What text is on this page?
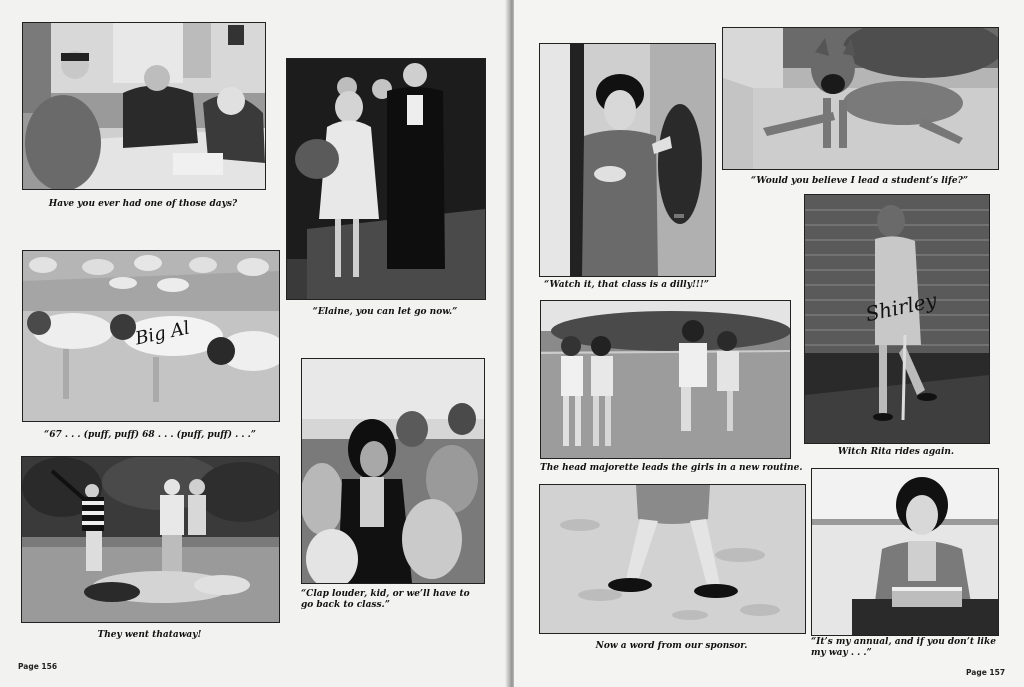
Have you ever had one of those days?
“Elaine, you can let go now.”
Big Al
“67 . . . (puff, puff) 68 . . . (puff, puff) . . .”
“Clap louder, kid, or we’ll have to go back to class.”
They went thataway!
Page 156
“Watch it, that class is a dilly!!!”
“Would you believe I lead a student’s life?”
The head majorette leads the girls in a new routine.
Shirley
Witch Rita rides again.
Now a word from our sponsor.	“It’s my annual, and if you don’t like my way . . .”
Page 157
